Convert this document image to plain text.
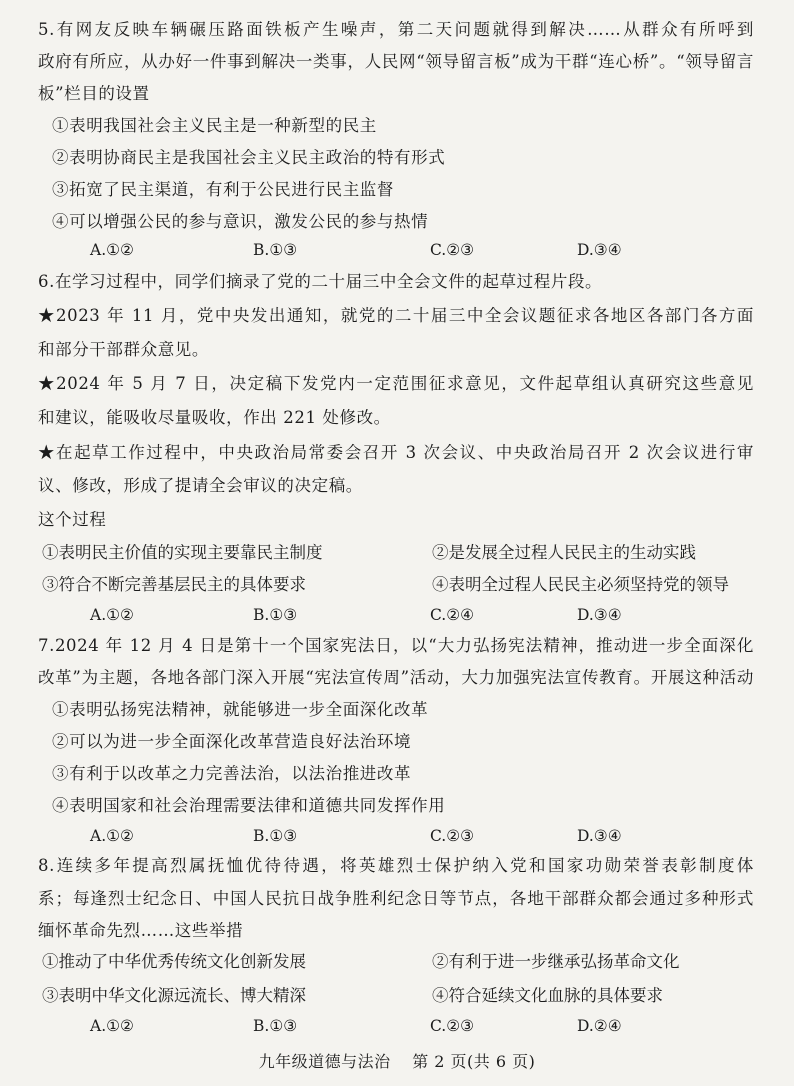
5.有网友反映车辆碾压路面铁板产生噪声，第二天问题就得到解决……从群众有所呼到
政府有所应，从办好一件事到解决一类事，人民网“领导留言板”成为干群“连心桥”。“领导留言
板”栏目的设置
①表明我国社会主义民主是一种新型的民主
②表明协商民主是我国社会主义民主政治的特有形式
③拓宽了民主渠道，有利于公民进行民主监督
④可以增强公民的参与意识，激发公民的参与热情
A.①②	B.①③	C.②③	D.③④
6.在学习过程中，同学们摘录了党的二十届三中全会文件的起草过程片段。
★2023 年 11 月，党中央发出通知，就党的二十届三中全会议题征求各地区各部门各方面
和部分干部群众意见。
★2024 年 5 月 7 日，决定稿下发党内一定范围征求意见，文件起草组认真研究这些意见
和建议，能吸收尽量吸收，作出 221 处修改。
★在起草工作过程中，中央政治局常委会召开 3 次会议、中央政治局召开 2 次会议进行审
议、修改，形成了提请全会审议的决定稿。
这个过程
①表明民主价值的实现主要靠民主制度	②是发展全过程人民民主的生动实践
③符合不断完善基层民主的具体要求	④表明全过程人民民主必须坚持党的领导
A.①②	B.①③	C.②④	D.③④
7.2024 年 12 月 4 日是第十一个国家宪法日，以“大力弘扬宪法精神，推动进一步全面深化
改革”为主题，各地各部门深入开展“宪法宣传周”活动，大力加强宪法宣传教育。开展这种活动
①表明弘扬宪法精神，就能够进一步全面深化改革
②可以为进一步全面深化改革营造良好法治环境
③有利于以改革之力完善法治，以法治推进改革
④表明国家和社会治理需要法律和道德共同发挥作用
A.①②	B.①③	C.②③	D.③④
8.连续多年提高烈属抚恤优待待遇，将英雄烈士保护纳入党和国家功勋荣誉表彰制度体
系；每逢烈士纪念日、中国人民抗日战争胜利纪念日等节点，各地干部群众都会通过多种形式
缅怀革命先烈……这些举措
①推动了中华优秀传统文化创新发展	②有利于进一步继承弘扬革命文化
③表明中华文化源远流长、博大精深	④符合延续文化血脉的具体要求
A.①②	B.①③	C.②③	D.②④
九年级道德与法治 第 2 页(共 6 页)
